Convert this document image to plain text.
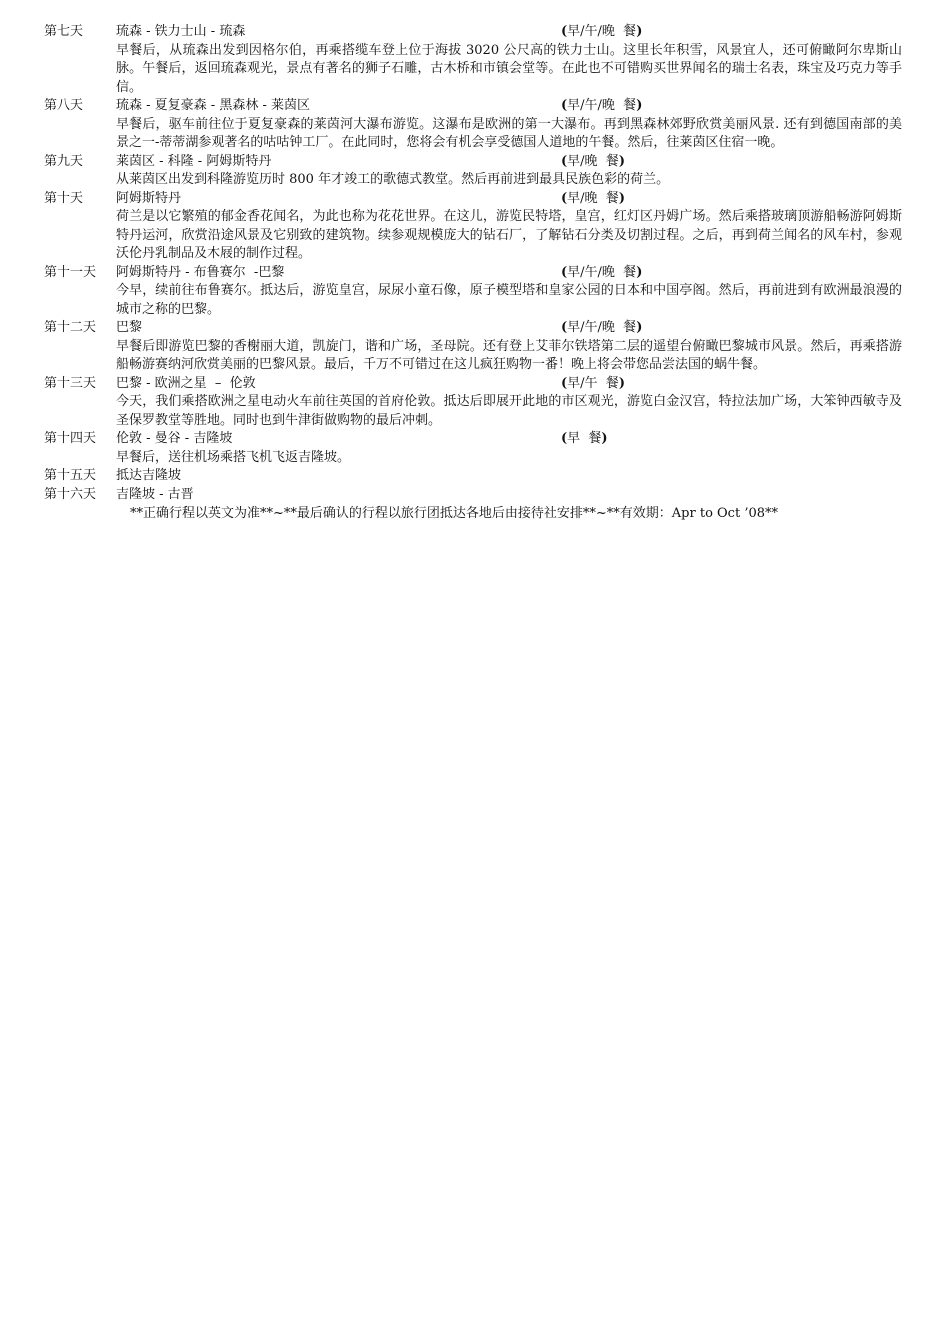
第七天	琉森 - 铁力士山 - 琉森	(早/午/晚  餐)

早餐后，从琉森出发到因格尔伯，再乘搭缆车登上位于海拔 3020 公尺高的铁力士山。这里长年积雪，风景宜人，还可俯瞰阿尔卑斯山脉。午餐后，返回琉森观光，景点有著名的狮子石雕，古木桥和市镇会堂等。在此也不可错购买世界闻名的瑞士名表，珠宝及巧克力等手信。

第八天	琉森 - 夏复豪森 - 黑森林 - 莱茵区	(早/午/晚  餐)

早餐后，驱车前往位于夏复豪森的莱茵河大瀑布游览。这瀑布是欧洲的第一大瀑布。再到黑森林郊野欣赏美丽风景. 还有到德国南部的美景之一-蒂蒂湖参观著名的咕咕钟工厂。在此同时，您将会有机会享受德国人道地的午餐。然后，往莱茵区住宿一晚。

第九天	莱茵区 - 科隆 - 阿姆斯特丹	(早/晚  餐)

从莱茵区出发到科隆游览历时 800 年才竣工的歌德式教堂。然后再前进到最具民族色彩的荷兰。

第十天	阿姆斯特丹	(早/晚  餐)

荷兰是以它繁殖的郁金香花闻名，为此也称为花花世界。在这儿，游览民特塔，皇宫，红灯区丹姆广场。然后乘搭玻璃顶游船畅游阿姆斯特丹运河，欣赏沿途风景及它别致的建筑物。续参观规模庞大的钻石厂，了解钻石分类及切割过程。之后，再到荷兰闻名的风车村，参观沃伦丹乳制品及木屐的制作过程。

第十一天	阿姆斯特丹 - 布鲁赛尔  -巴黎	(早/午/晚  餐)

今早，续前往布鲁赛尔。抵达后，游览皇宫，尿尿小童石像，原子模型塔和皇家公园的日本和中国亭阁。然后，再前进到有欧洲最浪漫的城市之称的巴黎。

第十二天	巴黎	(早/午/晚  餐)

早餐后即游览巴黎的香榭丽大道，凯旋门，谐和广场，圣母院。还有登上艾菲尔铁塔第二层的遥望台俯瞰巴黎城市风景。然后，再乘搭游船畅游赛纳河欣赏美丽的巴黎风景。最后，千万不可错过在这儿疯狂购物一番！晚上将会带您品尝法国的蜗牛餐。

第十三天	巴黎 - 欧洲之星  –  伦敦	(早/午  餐)

今天，我们乘搭欧洲之星电动火车前往英国的首府伦敦。抵达后即展开此地的市区观光，游览白金汉宫，特拉法加广场，大笨钟西敏寺及圣保罗教堂等胜地。同时也到牛津街做购物的最后冲刺。

第十四天	伦敦 - 曼谷 - 吉隆坡	(早  餐)

早餐后，送往机场乘搭飞机飞返吉隆坡。

第十五天	抵达吉隆坡
第十六天	吉隆坡 - 古晋
**正确行程以英文为准**~**最后确认的行程以旅行团抵达各地后由接待社安排**~**有效期：Apr to Oct ’08**
